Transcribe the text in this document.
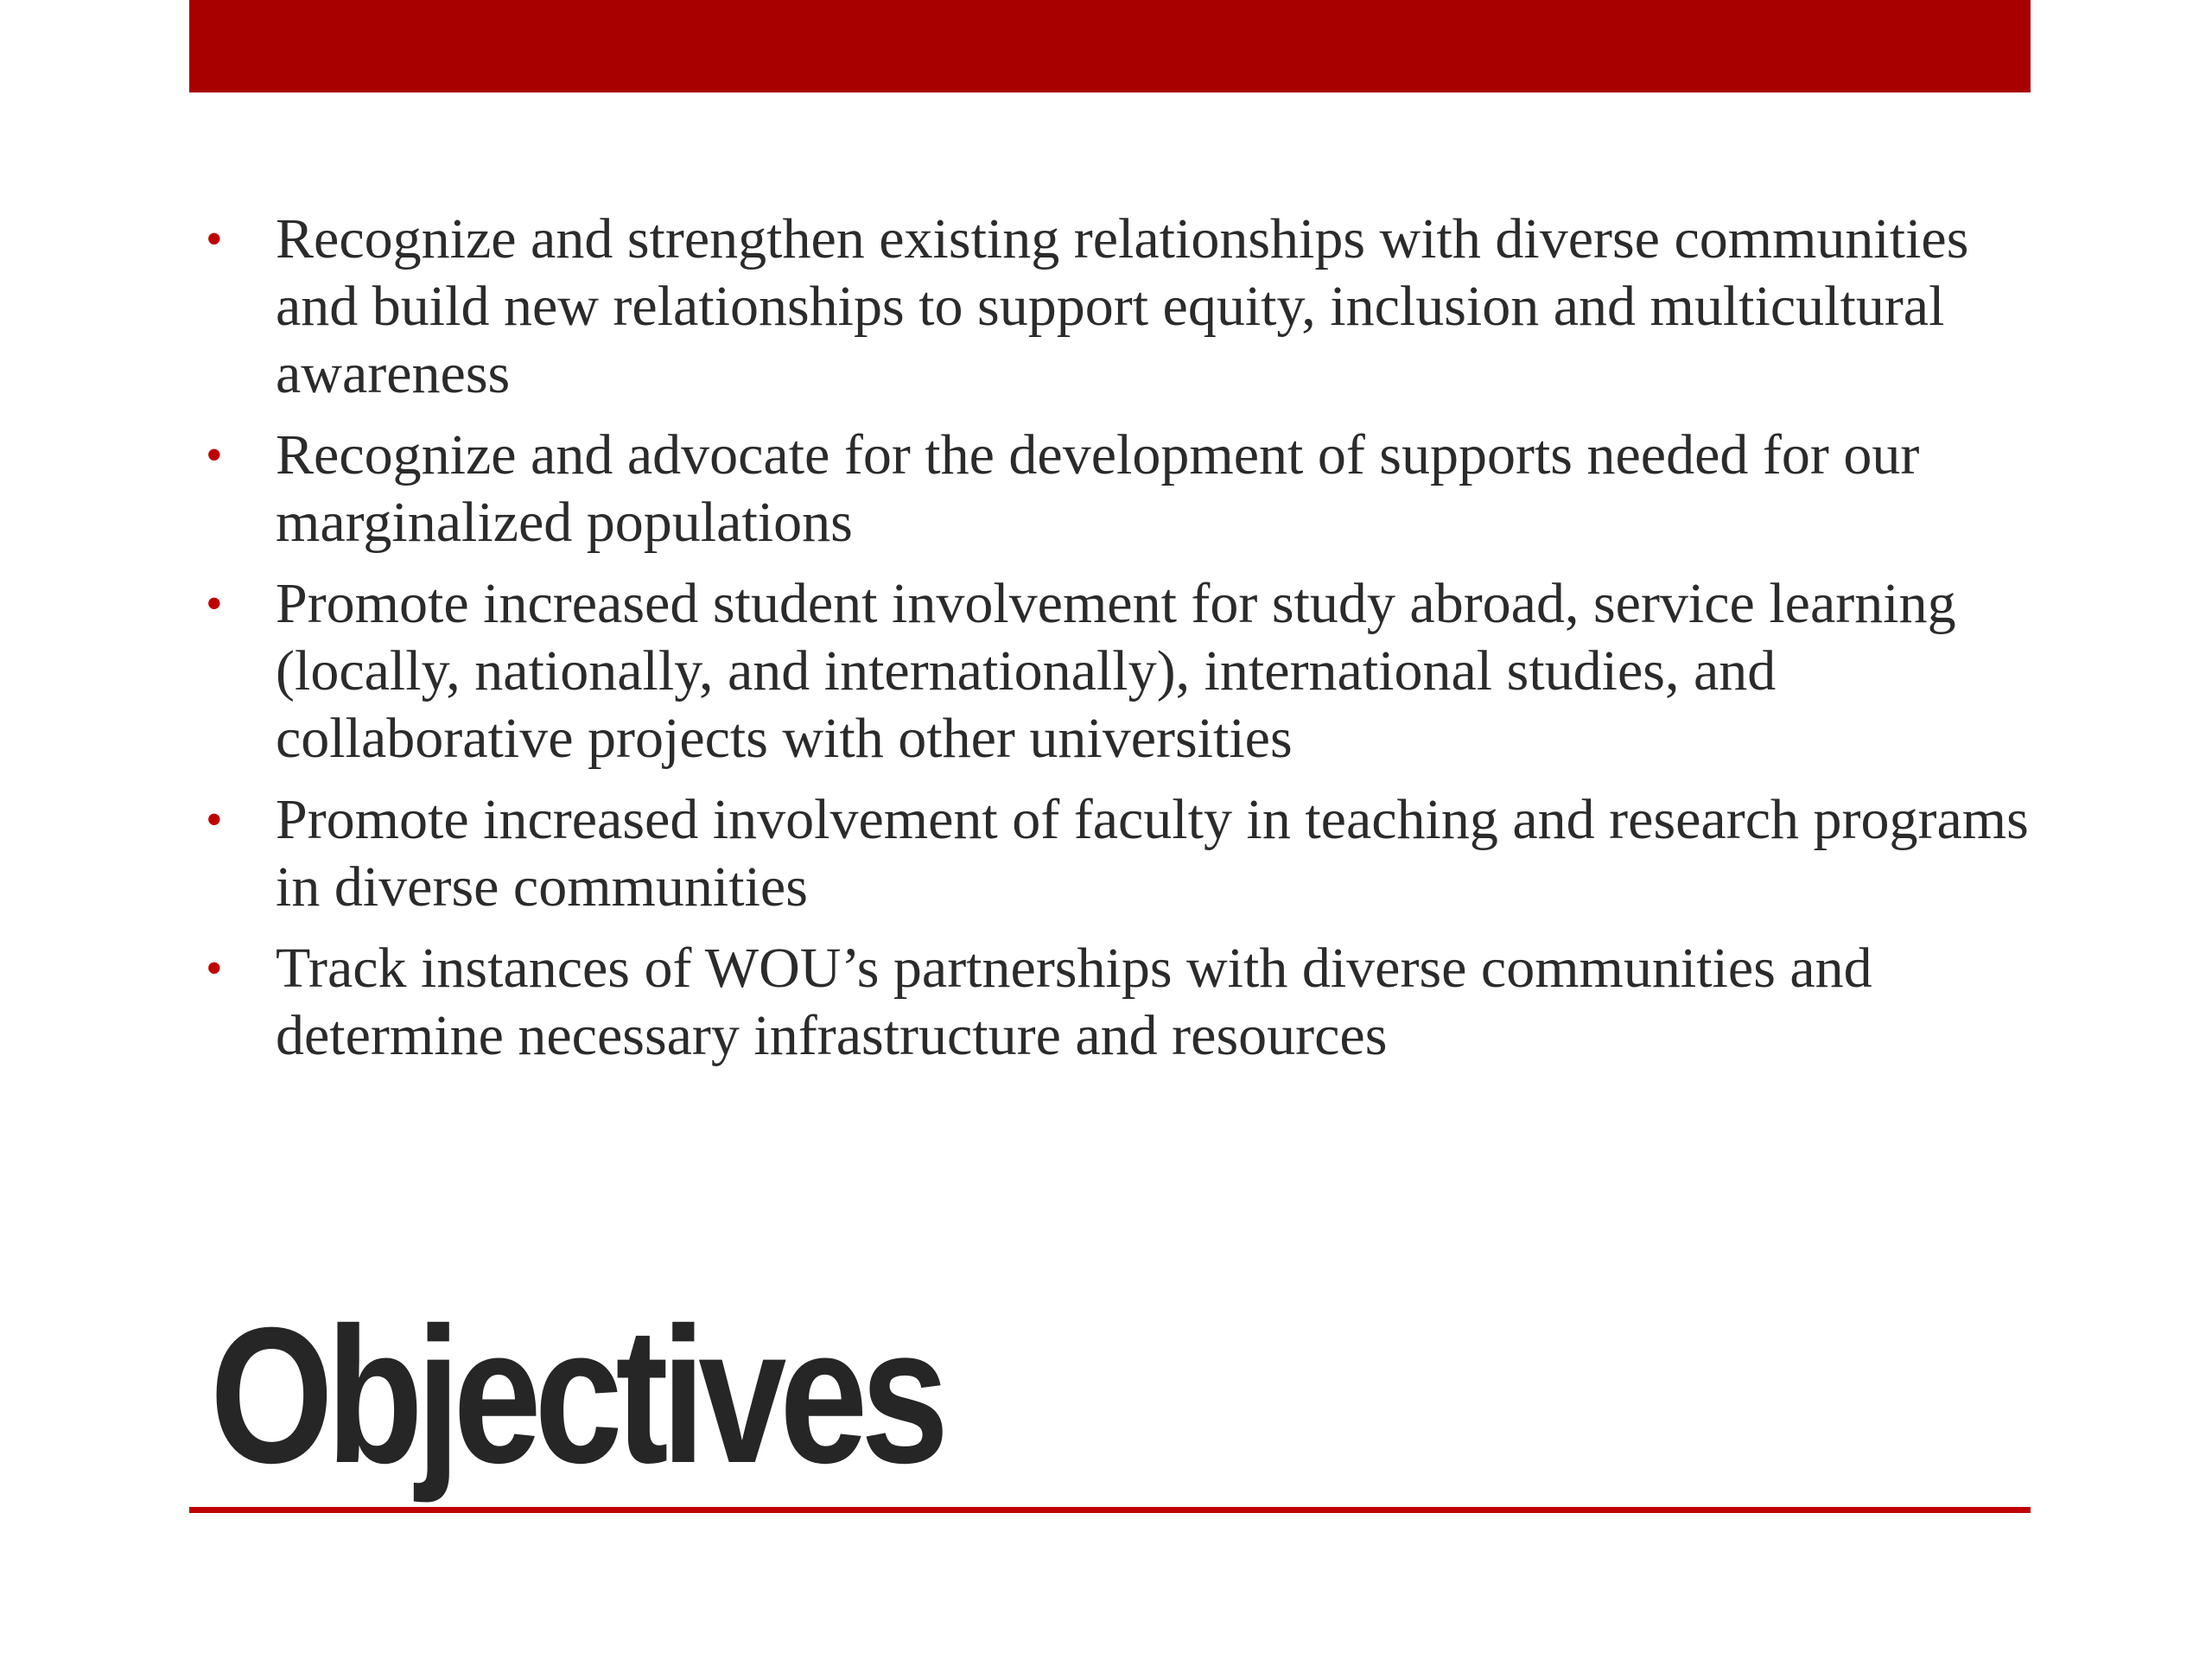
• Recognize and strengthen existing relationships with diverse communities and build new relationships to support equity, inclusion and multicultural awareness
• Recognize and advocate for the development of supports needed for our marginalized populations
• Promote increased student involvement for study abroad, service learning (locally, nationally, and internationally), international studies, and collaborative projects with other universities
• Promote increased involvement of faculty in teaching and research programs in diverse communities
• Track instances of WOU’s partnerships with diverse communities and determine necessary infrastructure and resources
Objectives
